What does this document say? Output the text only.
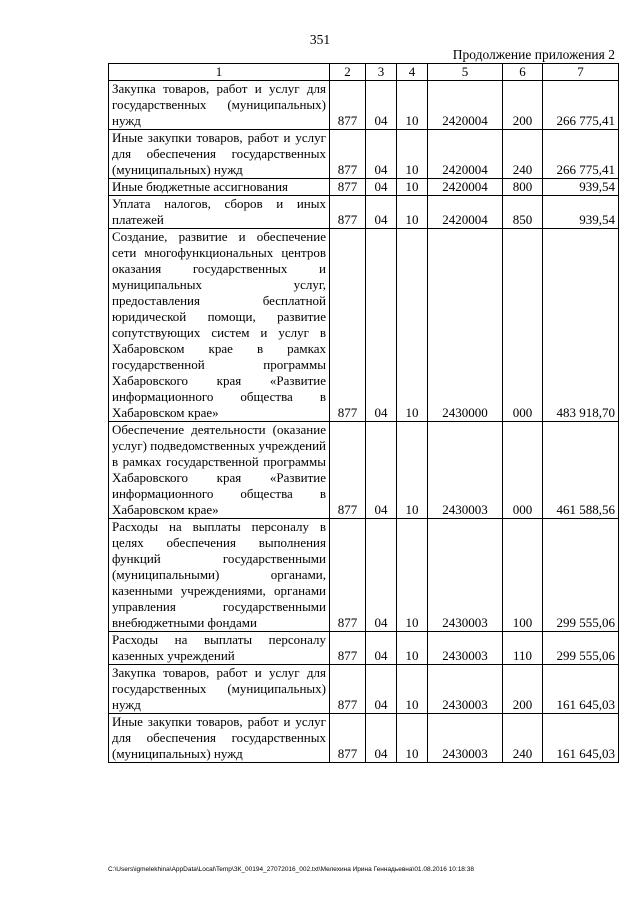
351
Продолжение приложения 2
1	2	3	4	5	6	7
Закупка товаров, работ и услуг для государственных (муниципальных) нужд	877	04	10	2420004	200	266 775,41
Иные закупки товаров, работ и услуг для обеспечения государственных (муниципальных) нужд	877	04	10	2420004	240	266 775,41
Иные бюджетные ассигнования	877	04	10	2420004	800	939,54
Уплата налогов, сборов и иных платежей	877	04	10	2420004	850	939,54
Создание, развитие и обеспечение сети многофункциональных центров оказания государственных и муниципальных услуг, предоставления бесплатной юридической помощи, развитие сопутствующих систем и услуг в Хабаровском крае в рамках государственной программы Хабаровского края «Развитие информационного общества в Хабаровском крае»	877	04	10	2430000	000	483 918,70
Обеспечение деятельности (оказание услуг) подведомственных учреждений в рамках государственной программы Хабаровского края «Развитие информационного общества в Хабаровском крае»	877	04	10	2430003	000	461 588,56
Расходы на выплаты персоналу в целях обеспечения выполнения функций государственными (муниципальными) органами, казенными учреждениями, органами управления государственными внебюджетными фондами	877	04	10	2430003	100	299 555,06
Расходы на выплаты персоналу казенных учреждений	877	04	10	2430003	110	299 555,06
Закупка товаров, работ и услуг для государственных (муниципальных) нужд	877	04	10	2430003	200	161 645,03
Иные закупки товаров, работ и услуг для обеспечения государственных (муниципальных) нужд	877	04	10	2430003	240	161 645,03
C:\Users\igmelekhina\AppData\Local\Temp\ЗК_00194_27072016_002.txt\Мелехина Ирина Геннадьевна\01.08.2016 10:18:38
